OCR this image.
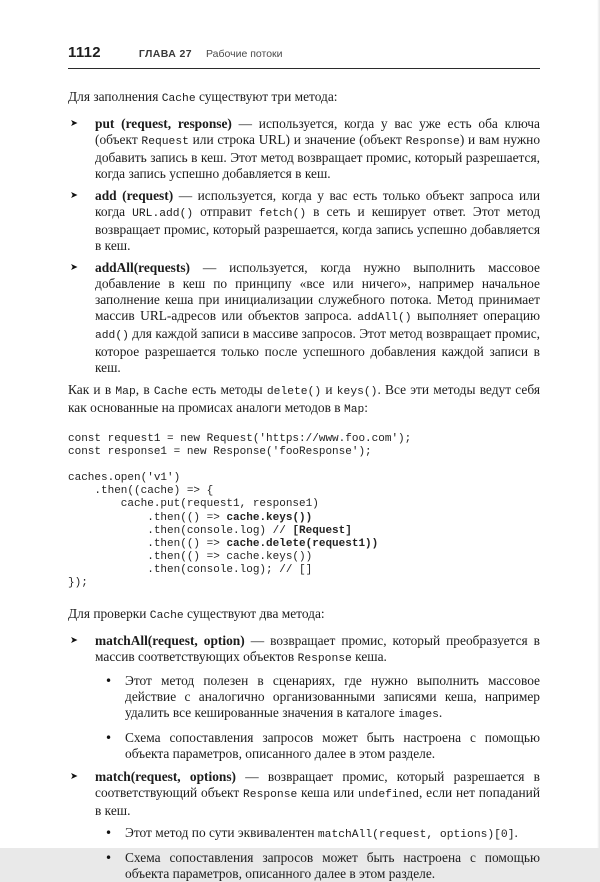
1112	ГЛАВА 27 Рабочие потоки

Для заполнения Cache существуют три метода:

➤	put (request, response) — используется, когда у вас уже есть оба ключа (объект Request или строка URL) и значение (объект Response) и вам нужно добавить запись в кеш. Этот метод возвращает промис, который разрешается, когда запись успешно добавляется в кеш.
➤	add (request) — используется, когда у вас есть только объект запроса или когда URL.add() отправит fetch() в сеть и кеширует ответ. Этот метод возвращает промис, который разрешается, когда запись успешно добавляется в кеш.
➤	addAll(requests) — используется, когда нужно выполнить массовое добавление в кеш по принципу «все или ничего», например начальное заполнение кеша при инициализации служебного потока. Метод принимает массив URL-адресов или объектов запроса. addAll() выполняет операцию add() для каждой записи в массиве запросов. Этот метод возвращает промис, которое разрешается только после успешного добавления каждой записи в кеш.

Как и в Map, в Cache есть методы delete() и keys(). Все эти методы ведут себя как основанные на промисах аналоги методов в Map:

const request1 = new Request('https://www.foo.com');
const response1 = new Response('fooResponse');

caches.open('v1')
.then((cache) => {
cache.put(request1, response1)
.then(() => cache.keys())
.then(console.log) // [Request]
.then(() => cache.delete(request1))
.then(() => cache.keys())
.then(console.log); // []
});

Для проверки Cache существуют два метода:

➤	matchAll(request, option) — возвращает промис, который преобразуется в массив соответствующих объектов Response кеша.
• Этот метод полезен в сценариях, где нужно выполнить массовое действие с аналогично организованными записями кеша, например удалить все кешированные значения в каталоге images.
• Схема сопоставления запросов может быть настроена с помощью объекта параметров, описанного далее в этом разделе.
➤	match(request, options) — возвращает промис, который разрешается в соответствующий объект Response кеша или undefined, если нет попаданий в кеш.
• Этот метод по сути эквивалентен matchAll(request, options)[0].
• Схема сопоставления запросов может быть настроена с помощью объекта параметров, описанного далее в этом разделе.
